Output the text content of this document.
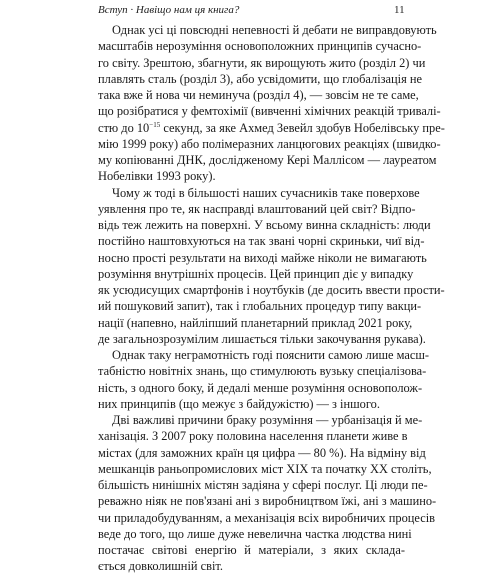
Вступ · Навіщо нам ця книга?	11
Однак усі ці повсюдні непевності й дебати не виправдовують
масштабів нерозуміння основоположних принципів сучасно-
го світу. Зрештою, збагнути, як вирощують жито (розділ 2) чи
плавлять сталь (розділ 3), або усвідомити, що глобалізація не
така вже й нова чи неминуча (розділ 4), — зовсім не те саме,
що розібратися у фемтохімії (вивченні хімічних реакцій тривалі-
стю до $10^{-15}$ секунд, за яке Ахмед Зевейл здобув Нобелівську пре-
мію 1999 року) або полімеразних ланцюгових реакціях (швидко-
му копіюванні ДНК, дослідженому Кері Маллісом — лауреатом
Нобелівки 1993 року).
Чому ж тоді в більшості наших сучасників таке поверхове
уявлення про те, як насправді влаштований цей світ? Відпо-
відь теж лежить на поверхні. У всьому винна складність: люди
постійно наштовхуються на так звані чорні скриньки, чиї від-
носно прості результати на виході майже ніколи не вимагають
розуміння внутрішніх процесів. Цей принцип діє у випадку
як усюдисущих смартфонів і ноутбуків (де досить ввести прости-
ий пошуковий запит), так і глобальних процедур типу вакци-
нації (напевно, найліпший планетарний приклад 2021 року,
де загальнозрозумілим лишається тільки закочування рукава).
Однак таку неграмотність годі пояснити самою лише масш-
табністю новітніх знань, що стимулюють вузьку спеціалізова-
ність, з одного боку, й дедалі менше розуміння основополож-
них принципів (що межує з байдужістю) — з іншого.
Дві важливі причини браку розуміння — урбанізація й ме-
ханізація. З 2007 року половина населення планети живе в
містах (для заможних країн ця цифра — 80 %). На відміну від
мешканців раньопромислових міст XIX та початку XX століть,
більшість нинішніх містян задіяна у сфері послуг. Ці люди пе-
реважно ніяк не пов'язані ані з виробництвом їжі, ані з машино-
чи приладобудуванням, а механізація всіх виробничих процесів
веде до того, що лише дуже невелична частка людства нині
постачає світові енергію й матеріали, з яких склада-
ється довколишній світ.
